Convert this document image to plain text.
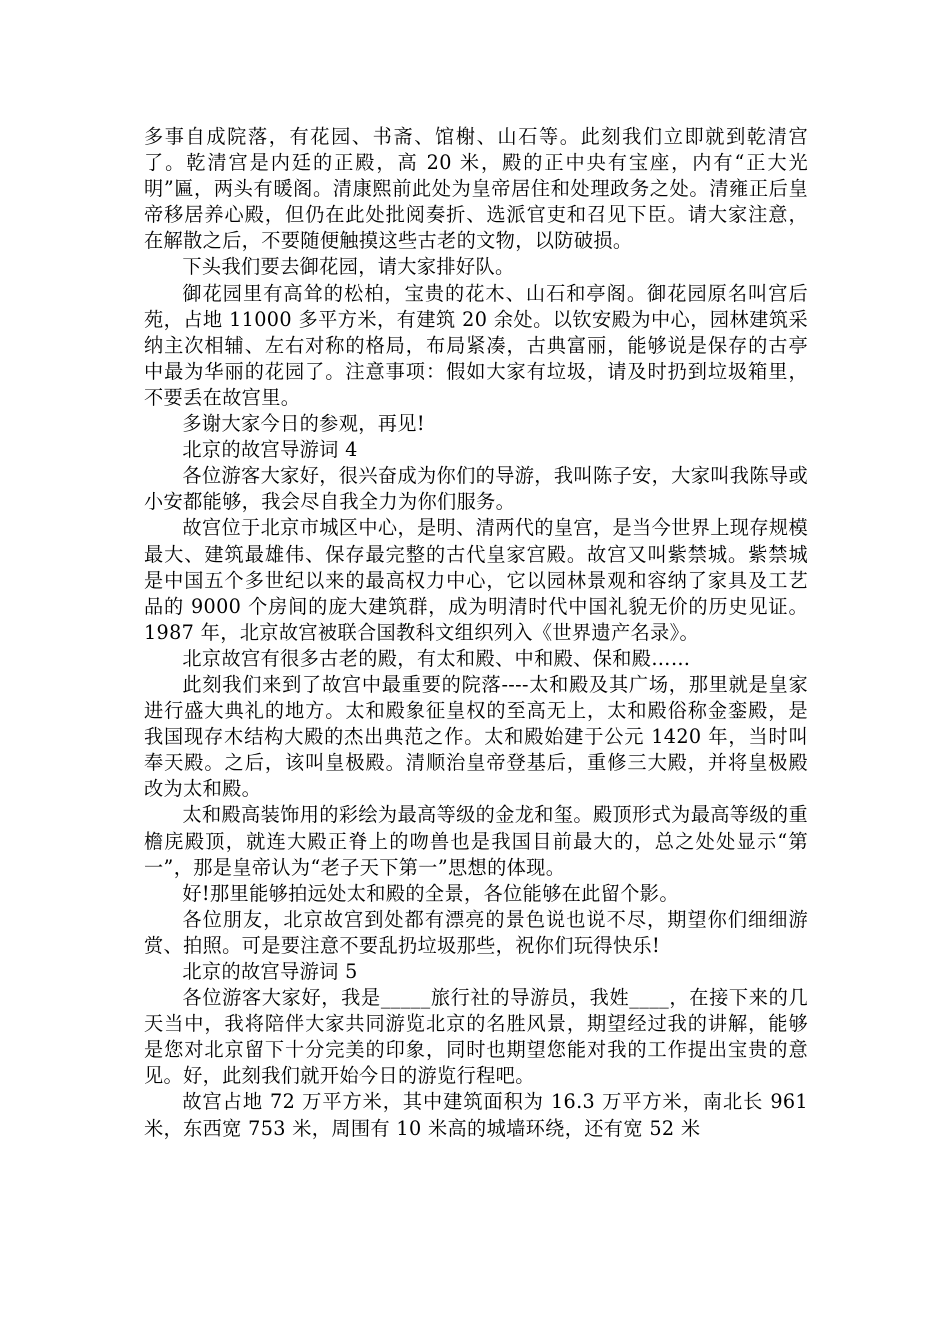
多事自成院落，有花园、书斋、馆榭、山石等。此刻我们立即就到乾清宫了。乾清宫是内廷的正殿，高 20 米，殿的正中央有宝座，内有“正大光明”匾，两头有暖阁。清康熙前此处为皇帝居住和处理政务之处。清雍正后皇帝移居养心殿，但仍在此处批阅奏折、选派官吏和召见下臣。请大家注意，在解散之后，不要随便触摸这些古老的文物，以防破损。

下头我们要去御花园，请大家排好队。

御花园里有高耸的松柏，宝贵的花木、山石和亭阁。御花园原名叫宫后苑，占地 11000 多平方米，有建筑 20 余处。以钦安殿为中心，园林建筑采纳主次相辅、左右对称的格局，布局紧凑，古典富丽，能够说是保存的古亭中最为华丽的花园了。注意事项：假如大家有垃圾，请及时扔到垃圾箱里，不要丢在故宫里。

多谢大家今日的参观，再见!

北京的故宫导游词 4

各位游客大家好，很兴奋成为你们的导游，我叫陈子安，大家叫我陈导或小安都能够，我会尽自我全力为你们服务。

故宫位于北京市城区中心，是明、清两代的皇宫，是当今世界上现存规模最大、建筑最雄伟、保存最完整的古代皇家宫殿。故宫又叫紫禁城。紫禁城是中国五个多世纪以来的最高权力中心，它以园林景观和容纳了家具及工艺品的 9000 个房间的庞大建筑群，成为明清时代中国礼貌无价的历史见证。1987 年，北京故宫被联合国教科文组织列入《世界遗产名录》。

北京故宫有很多古老的殿，有太和殿、中和殿、保和殿……

此刻我们来到了故宫中最重要的院落----太和殿及其广场，那里就是皇家进行盛大典礼的地方。太和殿象征皇权的至高无上，太和殿俗称金銮殿，是我国现存木结构大殿的杰出典范之作。太和殿始建于公元 1420 年，当时叫奉天殿。之后，该叫皇极殿。清顺治皇帝登基后，重修三大殿，并将皇极殿改为太和殿。

太和殿高装饰用的彩绘为最高等级的金龙和玺。殿顶形式为最高等级的重檐庑殿顶，就连大殿正脊上的吻兽也是我国目前最大的，总之处处显示“第一”，那是皇帝认为“老子天下第一”思想的体现。

好!那里能够拍远处太和殿的全景，各位能够在此留个影。

各位朋友，北京故宫到处都有漂亮的景色说也说不尽，期望你们细细游赏、拍照。可是要注意不要乱扔垃圾那些，祝你们玩得快乐!

北京的故宫导游词 5

各位游客大家好，我是_____旅行社的导游员，我姓____，在接下来的几天当中，我将陪伴大家共同游览北京的名胜风景，期望经过我的讲解，能够是您对北京留下十分完美的印象，同时也期望您能对我的工作提出宝贵的意见。好，此刻我们就开始今日的游览行程吧。

故宫占地 72 万平方米，其中建筑面积为 16.3 万平方米，南北长 961 米，东西宽 753 米，周围有 10 米高的城墙环绕，还有宽 52 米
